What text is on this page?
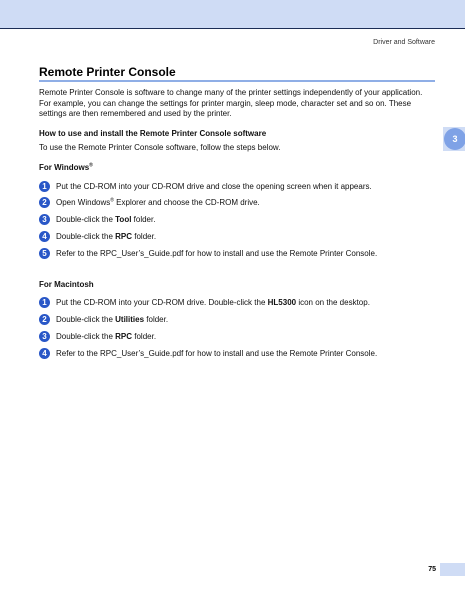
Driver and Software
3
Remote Printer Console

Remote Printer Console is software to change many of the printer settings independently of your application. For example, you can change the settings for printer margin, sleep mode, character set and so on. These settings are then remembered and used by the printer.

How to use and install the Remote Printer Console software

To use the Remote Printer Console software, follow the steps below.

For Windows®

1	Put the CD-ROM into your CD-ROM drive and close the opening screen when it appears.
2	Open Windows® Explorer and choose the CD-ROM drive.
3	Double-click the Tool folder.
4	Double-click the RPC folder.
5	Refer to the RPC_User’s_Guide.pdf for how to install and use the Remote Printer Console.

For Macintosh

1	Put the CD-ROM into your CD-ROM drive. Double-click the HL5300 icon on the desktop.
2	Double-click the Utilities folder.
3	Double-click the RPC folder.
4	Refer to the RPC_User’s_Guide.pdf for how to install and use the Remote Printer Console.
75
